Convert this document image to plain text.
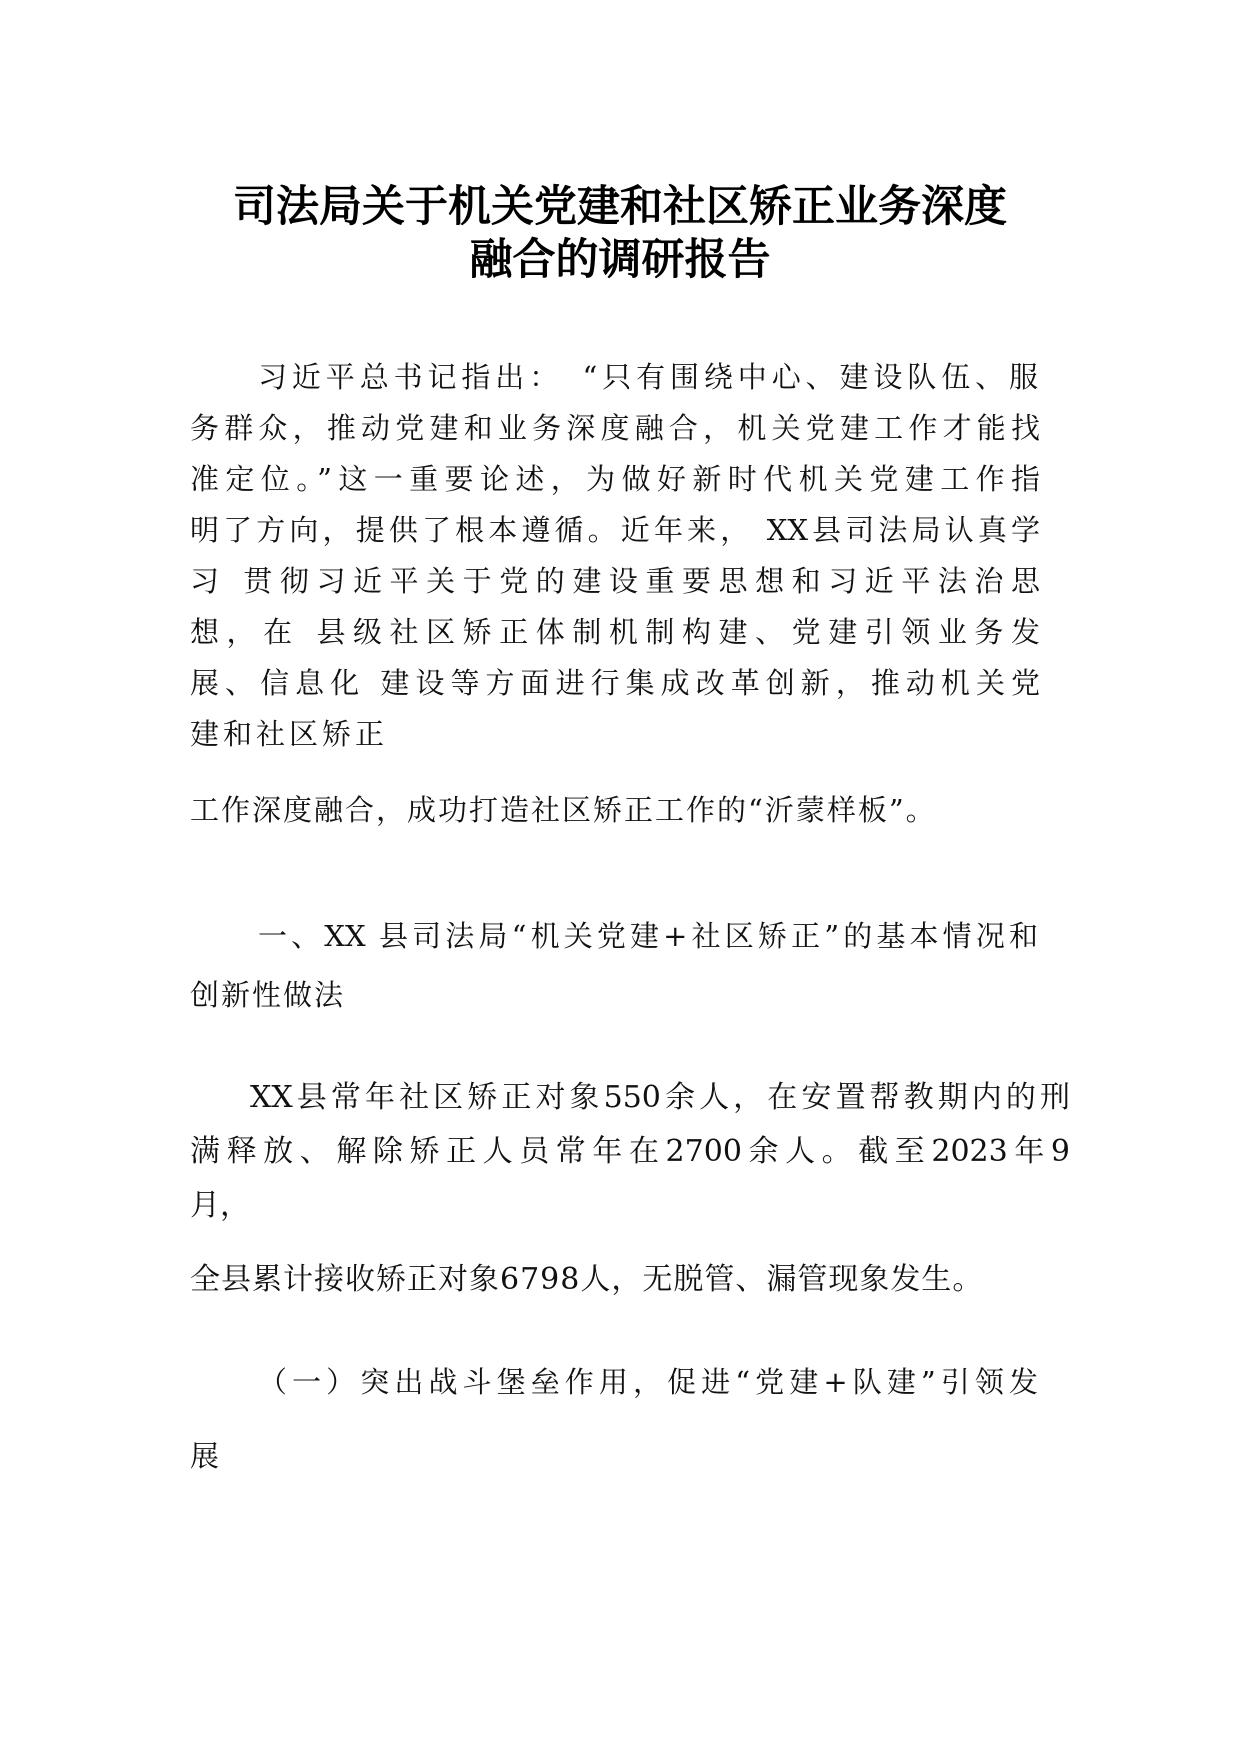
司法局关于机关党建和社区矫正业务深度
融合的调研报告
习近平总书记指出：　“只有围绕中心、建设队伍、服
务群众，推动党建和业务深度融合，机关党建工作才能找
准定位。”这一重要论述，为做好新时代机关党建工作指
明了方向，提供了根本遵循。近年来， XX县司法局认真学
习 贯彻习近平关于党的建设重要思想和习近平法治思
想，在 县级社区矫正体制机制构建、党建引领业务发
展、信息化 建设等方面进行集成改革创新，推动机关党
建和社区矫正
工作深度融合，成功打造社区矫正工作的“沂蒙样板”。
一、XX 县司法局“机关党建+社区矫正”的基本情况和
创新性做法
XX县常年社区矫正对象550余人，在安置帮教期内的刑
满释放、解除矫正人员常年在2700余人。截至2023年9
月，
全县累计接收矫正对象6798人，无脱管、漏管现象发生。
（一）突出战斗堡垒作用，促进“党建+队建”引领发
展
